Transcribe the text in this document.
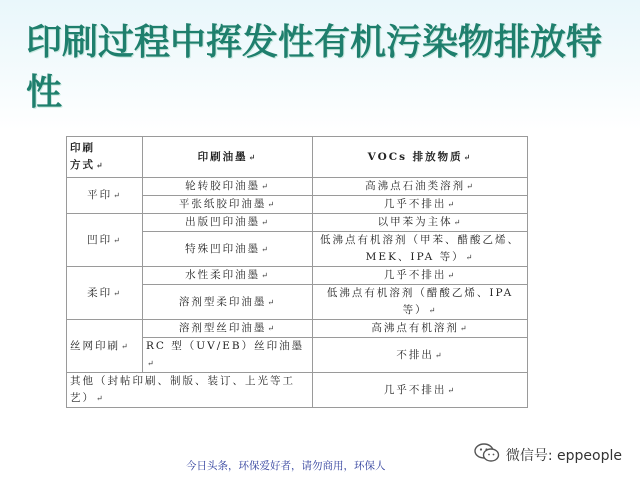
印刷过程中挥发性有机污染物排放特性
印刷
方式 ↵	印刷油墨 ↵	VOCs 排放物质 ↵
平印 ↵	轮转胶印油墨 ↵	高沸点石油类溶剂 ↵
	平张纸胶印油墨 ↵	几乎不排出 ↵
凹印 ↵	出版凹印油墨 ↵	以甲苯为主体 ↵
	特殊凹印油墨 ↵	低沸点有机溶剂（甲苯、醋酸乙烯、MEK、IPA 等） ↵
柔印 ↵	水性柔印油墨 ↵	几乎不排出 ↵
	溶剂型柔印油墨 ↵	低沸点有机溶剂（醋酸乙烯、IPA 等） ↵
丝网印刷 ↵	溶剂型丝印油墨 ↵	高沸点有机溶剂 ↵
	RC 型（UV/EB）丝印油墨 ↵	不排出 ↵
其他（封帖印刷、制版、装订、上光等工艺） ↵		几乎不排出 ↵
今日头条，环保爱好者，请勿商用，环保人
微信号: eppeople
